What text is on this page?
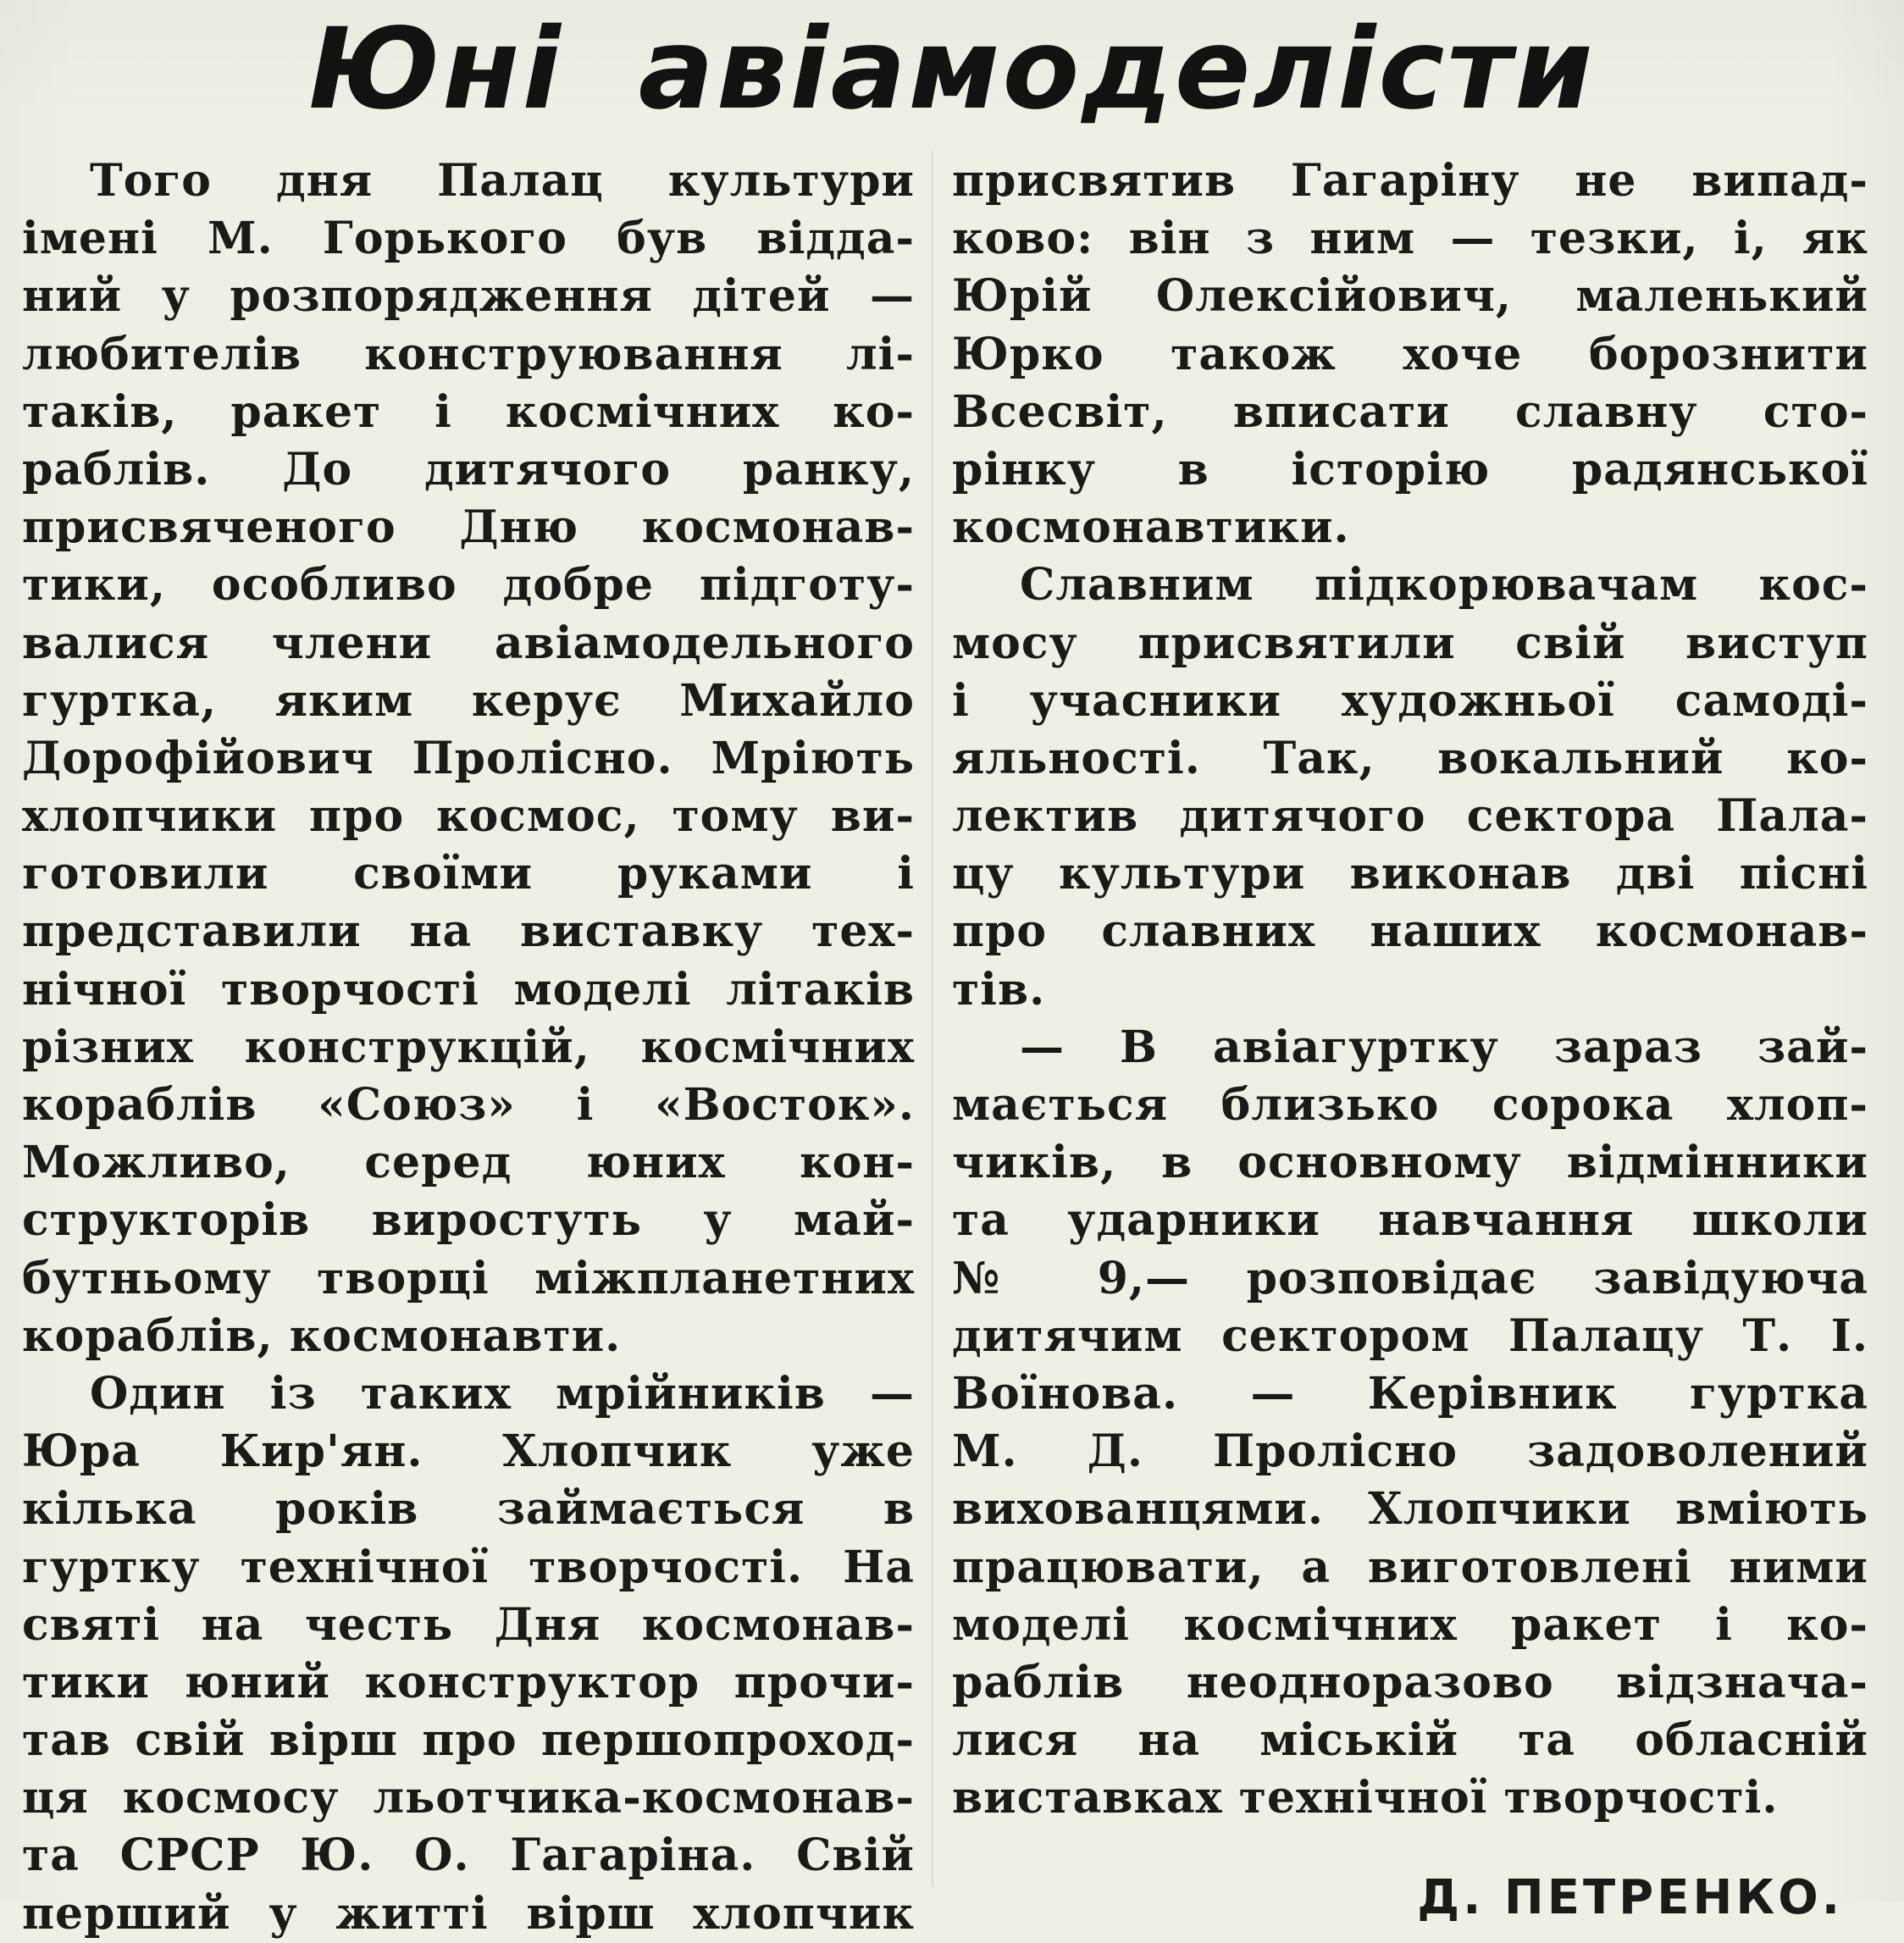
Юні авіамоделісти
Того дня Палац культури
імені М. Горького був відда-
ний у розпорядження дітей —
любителів конструювання лі-
таків, ракет і космічних ко-
раблів. До дитячого ранку,
присвяченого Дню космонав-
тики, особливо добре підготу-
валися члени авіамодельного
гуртка, яким керує Михайло
Дорофійович Пролісно. Мріють
хлопчики про космос, тому ви-
готовили своїми руками і
представили на виставку тех-
нічної творчості моделі літаків
різних конструкцій, космічних
кораблів «Союз» і «Восток».
Можливо, серед юних кон-
структорів виростуть у май-
бутньому творці міжпланетних
кораблів, космонавти.
Один із таких мрійників —
Юра Кир'ян. Хлопчик уже
кілька років займається в
гуртку технічної творчості. На
святі на честь Дня космонав-
тики юний конструктор прочи-
тав свій вірш про першопроход-
ця космосу льотчика-космонав-
та СРСР Ю. О. Гагаріна. Свій
перший у житті вірш хлопчик
присвятив Гагаріну не випад-
ково: він з ним — тезки, і, як
Юрій Олексійович, маленький
Юрко також хоче борознити
Всесвіт, вписати славну сто-
рінку в історію радянської
космонавтики.
Славним підкорювачам кос-
мосу присвятили свій виступ
і учасники художньої самоді-
яльності. Так, вокальний ко-
лектив дитячого сектора Пала-
цу культури виконав дві пісні
про славних наших космонав-
тів.
— В авіагуртку зараз зай-
мається близько сорока хлоп-
чиків, в основному відмінники
та ударники навчання школи
№ 9,— розповідає завідуюча
дитячим сектором Палацу Т. І.
Воїнова. — Керівник гуртка
М. Д. Пролісно задоволений
вихованцями. Хлопчики вміють
працювати, а виготовлені ними
моделі космічних ракет і ко-
раблів неодноразово відзнача-
лися на міській та обласній
виставках технічної творчості.
Д. ПЕТРЕНКО.
